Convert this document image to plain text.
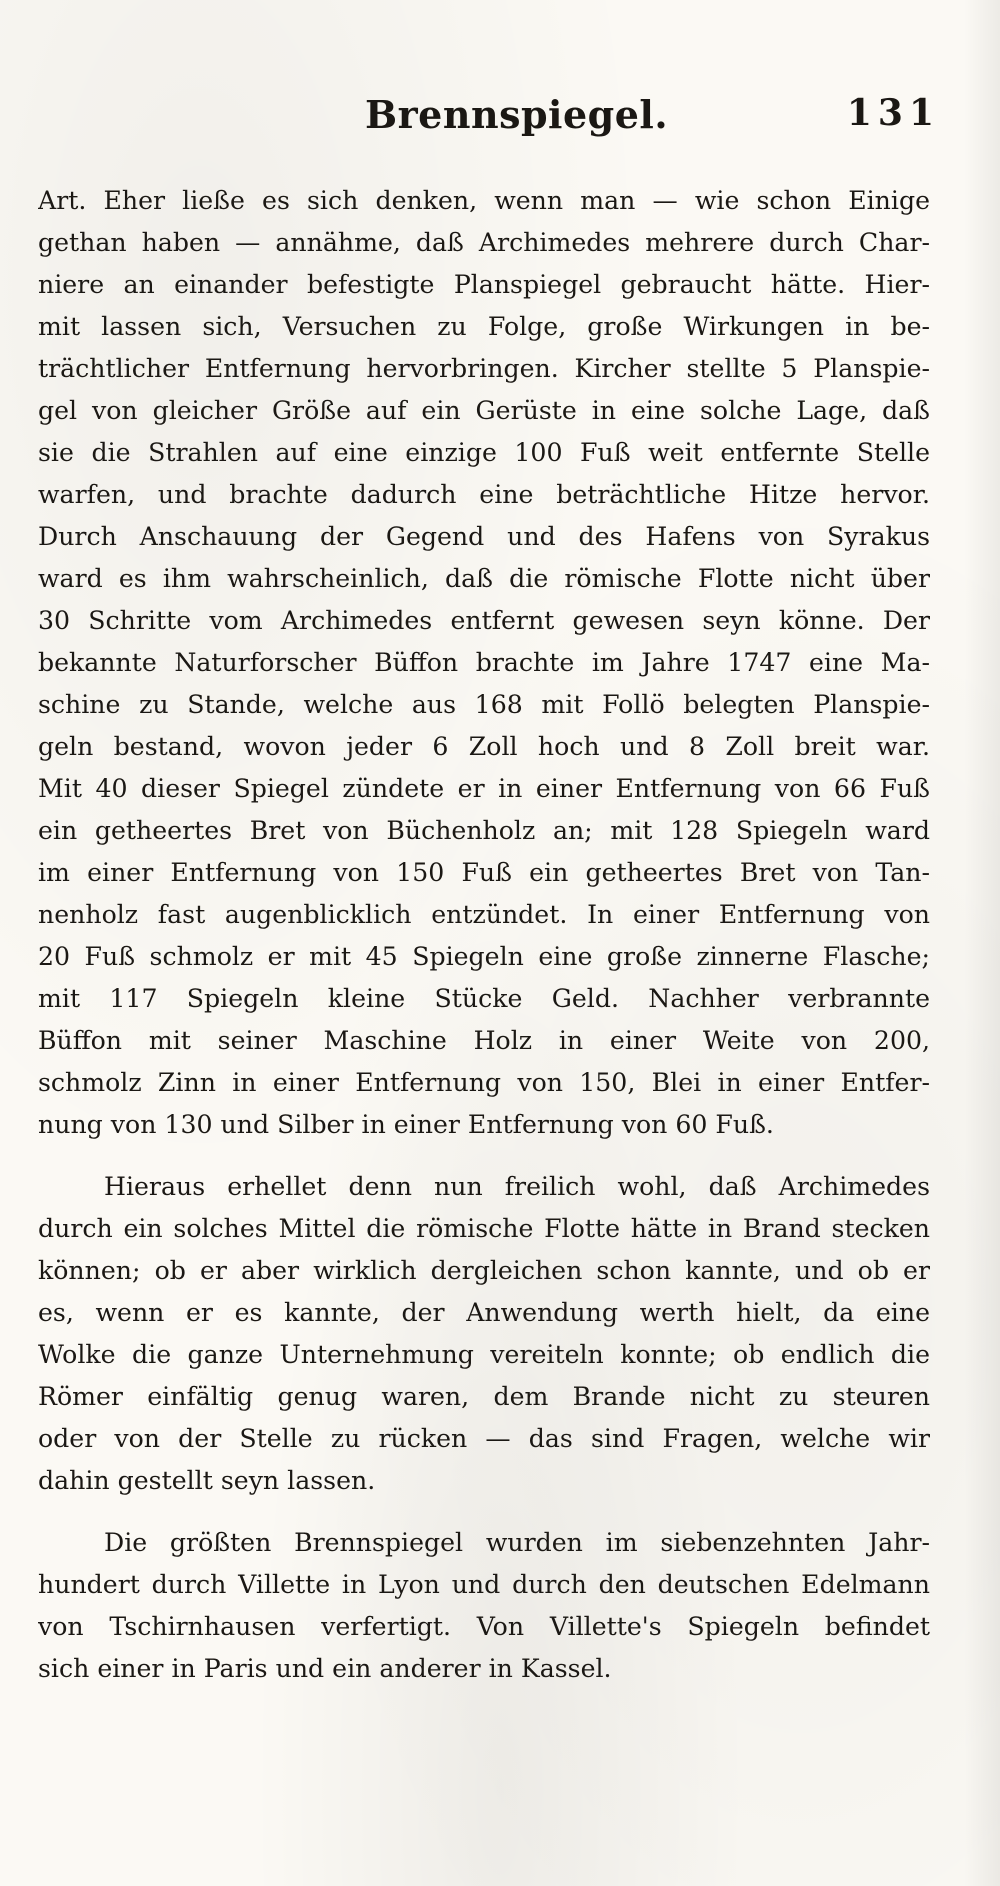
Brennspiegel.	131
Art. Eher ließe es sich denken, wenn man — wie schon Einige
gethan haben — annähme, daß Archimedes mehrere durch Char-
niere an einander befestigte Planspiegel gebraucht hätte. Hier-
mit lassen sich, Versuchen zu Folge, große Wirkungen in be-
trächtlicher Entfernung hervorbringen. Kircher stellte 5 Planspie-
gel von gleicher Größe auf ein Gerüste in eine solche Lage, daß
sie die Strahlen auf eine einzige 100 Fuß weit entfernte Stelle
warfen, und brachte dadurch eine beträchtliche Hitze hervor.
Durch Anschauung der Gegend und des Hafens von Syrakus
ward es ihm wahrscheinlich, daß die römische Flotte nicht über
30 Schritte vom Archimedes entfernt gewesen seyn könne. Der
bekannte Naturforscher Büffon brachte im Jahre 1747 eine Ma-
schine zu Stande, welche aus 168 mit Follö belegten Planspie-
geln bestand, wovon jeder 6 Zoll hoch und 8 Zoll breit war.
Mit 40 dieser Spiegel zündete er in einer Entfernung von 66 Fuß
ein getheertes Bret von Büchenholz an; mit 128 Spiegeln ward
im einer Entfernung von 150 Fuß ein getheertes Bret von Tan-
nenholz fast augenblicklich entzündet. In einer Entfernung von
20 Fuß schmolz er mit 45 Spiegeln eine große zinnerne Flasche;
mit 117 Spiegeln kleine Stücke Geld. Nachher verbrannte
Büffon mit seiner Maschine Holz in einer Weite von 200,
schmolz Zinn in einer Entfernung von 150, Blei in einer Entfer-
nung von 130 und Silber in einer Entfernung von 60 Fuß.
Hieraus erhellet denn nun freilich wohl, daß Archimedes
durch ein solches Mittel die römische Flotte hätte in Brand stecken
können; ob er aber wirklich dergleichen schon kannte, und ob er
es, wenn er es kannte, der Anwendung werth hielt, da eine
Wolke die ganze Unternehmung vereiteln konnte; ob endlich die
Römer einfältig genug waren, dem Brande nicht zu steuren
oder von der Stelle zu rücken — das sind Fragen, welche wir
dahin gestellt seyn lassen.
Die größten Brennspiegel wurden im siebenzehnten Jahr-
hundert durch Villette in Lyon und durch den deutschen Edelmann
von Tschirnhausen verfertigt. Von Villette's Spiegeln befindet
sich einer in Paris und ein anderer in Kassel.
